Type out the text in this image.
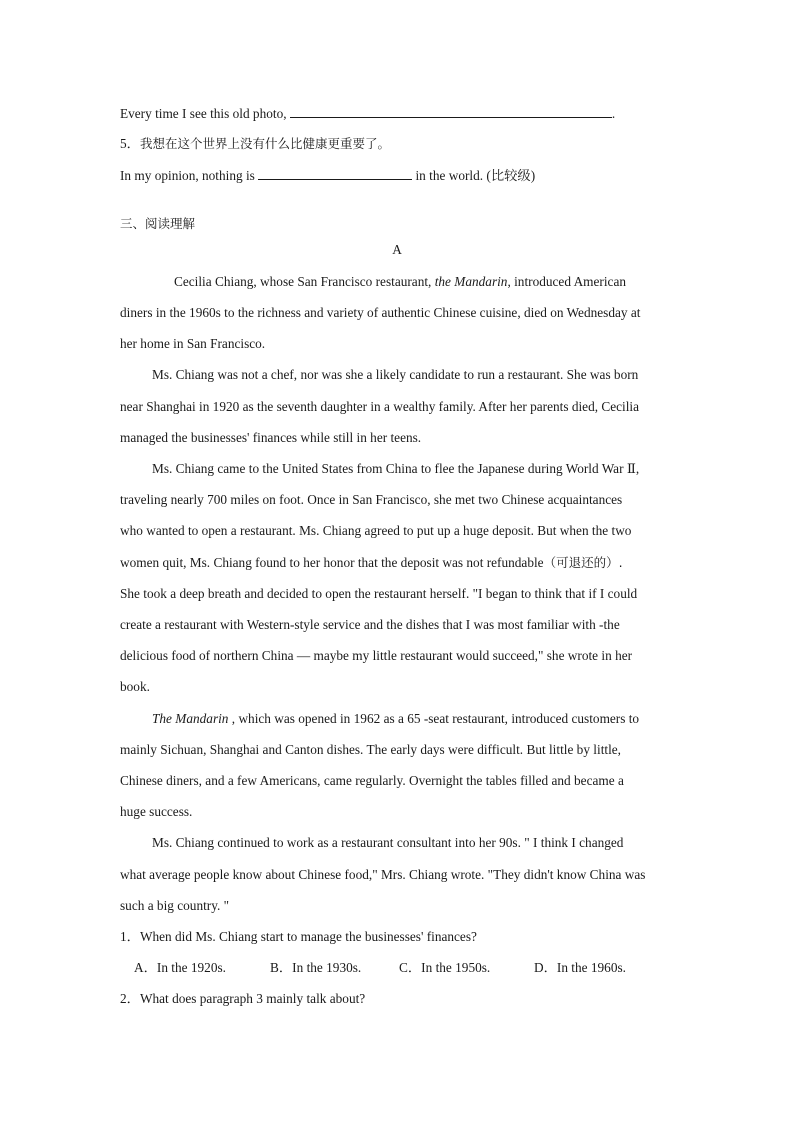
Every time I see this old photo,	.
5．我想在这个世界上没有什么比健康更重要了。
In my opinion, nothing is	in the world. (比较级)
三、阅读理解
A
Cecilia Chiang, whose San Francisco restaurant, the Mandarin, introduced American
diners in the 1960s to the richness and variety of authentic Chinese cuisine, died on Wednesday at
her home in San Francisco.
Ms. Chiang was not a chef, nor was she a likely candidate to run a restaurant. She was born
near Shanghai in 1920 as the seventh daughter in a wealthy family. After her parents died, Cecilia
managed the businesses' finances while still in her teens.
Ms. Chiang came to the United States from China to flee the Japanese during World War Ⅱ,
traveling nearly 700 miles on foot. Once in San Francisco, she met two Chinese acquaintances
who wanted to open a restaurant. Ms. Chiang agreed to put up a huge deposit. But when the two
women quit, Ms. Chiang found to her honor that the deposit was not refundable（可退还的）.
She took a deep breath and decided to open the restaurant herself. "I began to think that if I could
create a restaurant with Western-style service and the dishes that I was most familiar with -the
delicious food of northern China — maybe my little restaurant would succeed," she wrote in her
book.
The Mandarin , which was opened in 1962 as a 65 -seat restaurant, introduced customers to
mainly Sichuan, Shanghai and Canton dishes. The early days were difficult. But little by little,
Chinese diners, and a few Americans, came regularly. Overnight the tables filled and became a
huge success.
Ms. Chiang continued to work as a restaurant consultant into her 90s. " I think I changed
what average people know about Chinese food," Mrs. Chiang wrote. "They didn't know China was
such a big country. "
1．When did Ms. Chiang start to manage the businesses' finances?
A．In the 1920s.	B．In the 1930s.	C．In the 1950s.	D．In the 1960s.
2．What does paragraph 3 mainly talk about?
